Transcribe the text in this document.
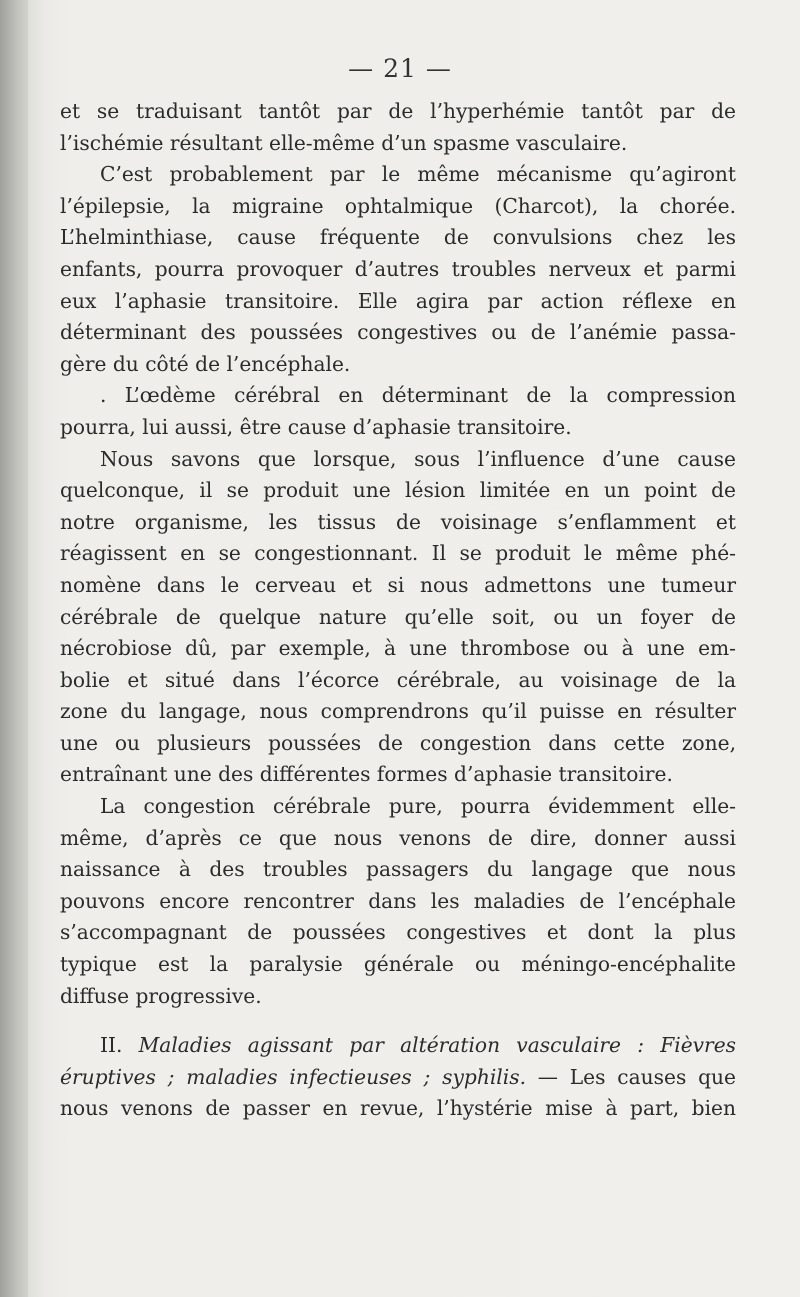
— 21 —
et se traduisant tantôt par de l’hyperhémie tantôt par de
l’ischémie résultant elle-même d’un spasme vasculaire.
C’est probablement par le même mécanisme qu’agiront
l’épilepsie, la migraine ophtalmique (Charcot), la chorée.
L’helminthiase, cause fréquente de convulsions chez les
enfants, pourra provoquer d’autres troubles nerveux et parmi
eux l’aphasie transitoire. Elle agira par action réflexe en
déterminant des poussées congestives ou de l’anémie passa-
gère du côté de l’encéphale.
. L’œdème cérébral en déterminant de la compression
pourra, lui aussi, être cause d’aphasie transitoire.
Nous savons que lorsque, sous l’influence d’une cause
quelconque, il se produit une lésion limitée en un point de
notre organisme, les tissus de voisinage s’enflamment et
réagissent en se congestionnant. Il se produit le même phé-
nomène dans le cerveau et si nous admettons une tumeur
cérébrale de quelque nature qu’elle soit, ou un foyer de
nécrobiose dû, par exemple, à une thrombose ou à une em-
bolie et situé dans l’écorce cérébrale, au voisinage de la
zone du langage, nous comprendrons qu’il puisse en résulter
une ou plusieurs poussées de congestion dans cette zone,
entraînant une des différentes formes d’aphasie transitoire.
La congestion cérébrale pure, pourra évidemment elle-
même, d’après ce que nous venons de dire, donner aussi
naissance à des troubles passagers du langage que nous
pouvons encore rencontrer dans les maladies de l’encéphale
s’accompagnant de poussées congestives et dont la plus
typique est la paralysie générale ou méningo-encéphalite
diffuse progressive.
II. Maladies agissant par altération vasculaire : Fièvres
éruptives ; maladies infectieuses ; syphilis. — Les causes que
nous venons de passer en revue, l’hystérie mise à part, bien
